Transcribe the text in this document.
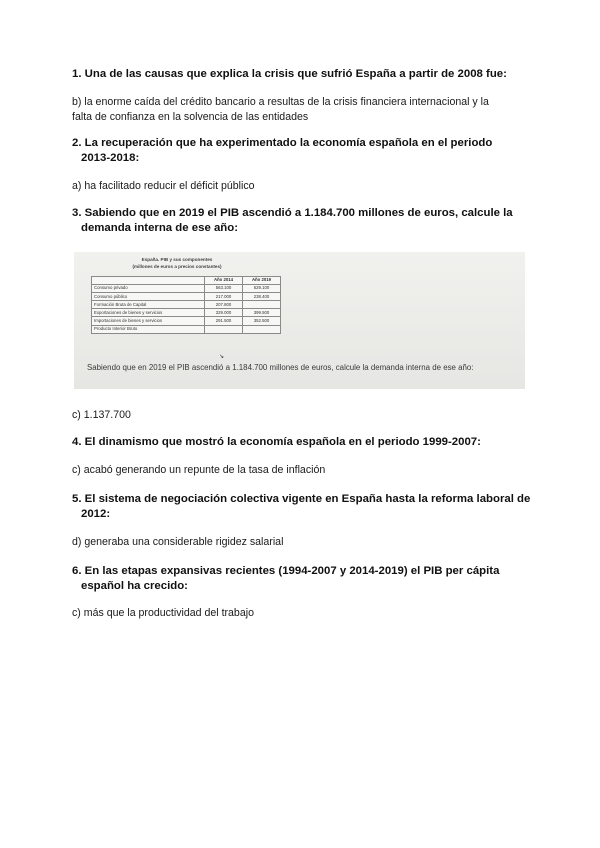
1. Una de las causas que explica la crisis que sufrió España a partir de 2008 fue:
b) la enorme caída del crédito bancario a resultas de la crisis financiera internacional y la
falta de confianza en la solvencia de las entidades
2. La recuperación que ha experimentado la economía española en el periodo
2013-2018:
a) ha facilitado reducir el déficit público
3. Sabiendo que en 2019 el PIB ascendió a 1.184.700 millones de euros, calcule la
demanda interna de ese año:
España. PIB y sus componentes
(millones de euros a precios constantes)
	Año 2014	Año 2019
Consumo privado	563.100	629.100
Consumo público	217.000	238.400
Formación Bruta de Capital	207.800	
Exportaciones de bienes y servicios	329.000	399.500
Importaciones de bienes y servicios	291.500	352.500
Producto Interior Bruto		
↘
Sabiendo que en 2019 el PIB ascendió a 1.184.700 millones de euros, calcule la demanda interna de ese año:
c) 1.137.700
4. El dinamismo que mostró la economía española en el periodo 1999-2007:
c) acabó generando un repunte de la tasa de inflación
5. El sistema de negociación colectiva vigente en España hasta la reforma laboral de
2012:
d) generaba una considerable rigidez salarial
6. En las etapas expansivas recientes (1994-2007 y 2014-2019) el PIB per cápita
español ha crecido:
c) más que la productividad del trabajo
